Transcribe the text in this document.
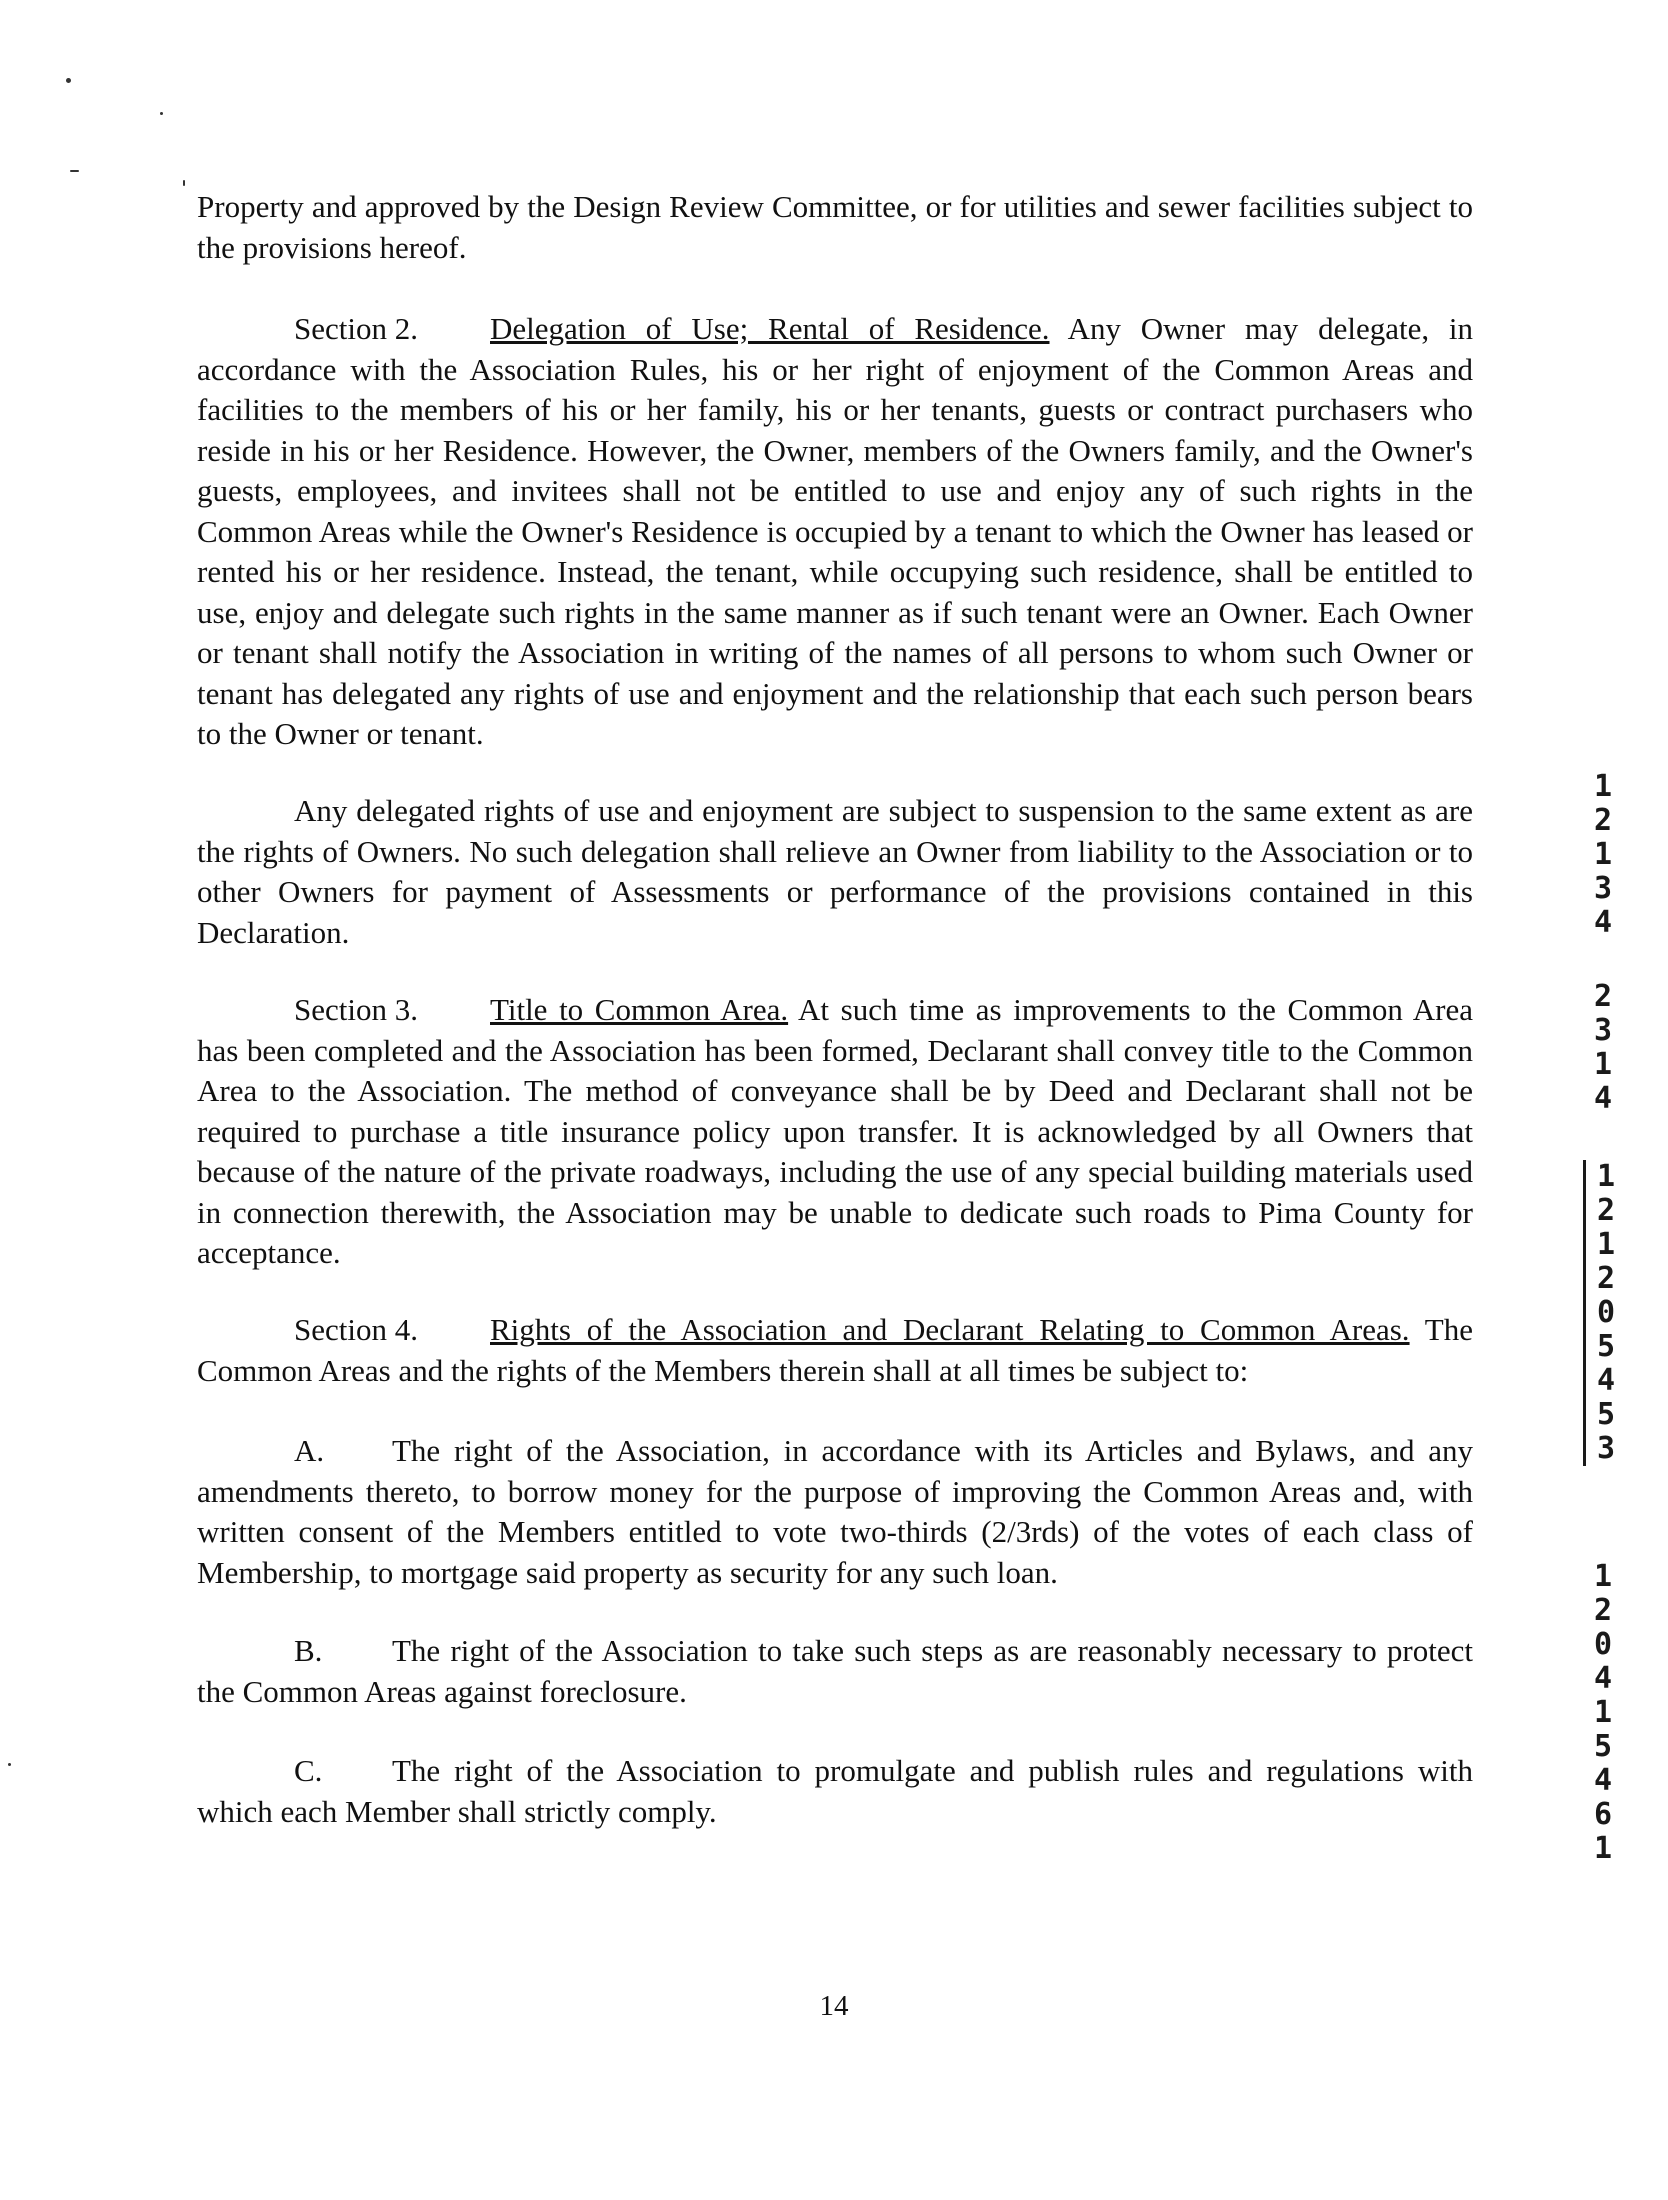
Property and approved by the Design Review Committee, or for utilities and sewer facilities subject to the provisions hereof.

Section 2. Delegation of Use; Rental of Residence. Any Owner may delegate, in accordance with the Association Rules, his or her right of enjoyment of the Common Areas and facilities to the members of his or her family, his or her tenants, guests or contract purchasers who reside in his or her Residence. However, the Owner, members of the Owners family, and the Owner's guests, employees, and invitees shall not be entitled to use and enjoy any of such rights in the Common Areas while the Owner's Residence is occupied by a tenant to which the Owner has leased or rented his or her residence. Instead, the tenant, while occupying such residence, shall be entitled to use, enjoy and delegate such rights in the same manner as if such tenant were an Owner. Each Owner or tenant shall notify the Association in writing of the names of all persons to whom such Owner or tenant has delegated any rights of use and enjoyment and the relationship that each such person bears to the Owner or tenant.

Any delegated rights of use and enjoyment are subject to suspension to the same extent as are the rights of Owners. No such delegation shall relieve an Owner from liability to the Association or to other Owners for payment of Assessments or performance of the provisions contained in this Declaration.

Section 3. Title to Common Area. At such time as improvements to the Common Area has been completed and the Association has been formed, Declarant shall convey title to the Common Area to the Association. The method of conveyance shall be by Deed and Declarant shall not be required to purchase a title insurance policy upon transfer. It is acknowledged by all Owners that because of the nature of the private roadways, including the use of any special building materials used in connection therewith, the Association may be unable to dedicate such roads to Pima County for acceptance.

Section 4. Rights of the Association and Declarant Relating to Common Areas. The Common Areas and the rights of the Members therein shall at all times be subject to:

A. The right of the Association, in accordance with its Articles and Bylaws, and any amendments thereto, to borrow money for the purpose of improving the Common Areas and, with written consent of the Members entitled to vote two-thirds (2/3rds) of the votes of each class of Membership, to mortgage said property as security for any such loan.

B. The right of the Association to take such steps as are reasonably necessary to protect the Common Areas against foreclosure.

C. The right of the Association to promulgate and publish rules and regulations with which each Member shall strictly comply.

14

1
2
1
3
4
2
3
1
4
1
2
1
2
0
5
4
5
3
1
2
0
4
1
5
4
6
1
